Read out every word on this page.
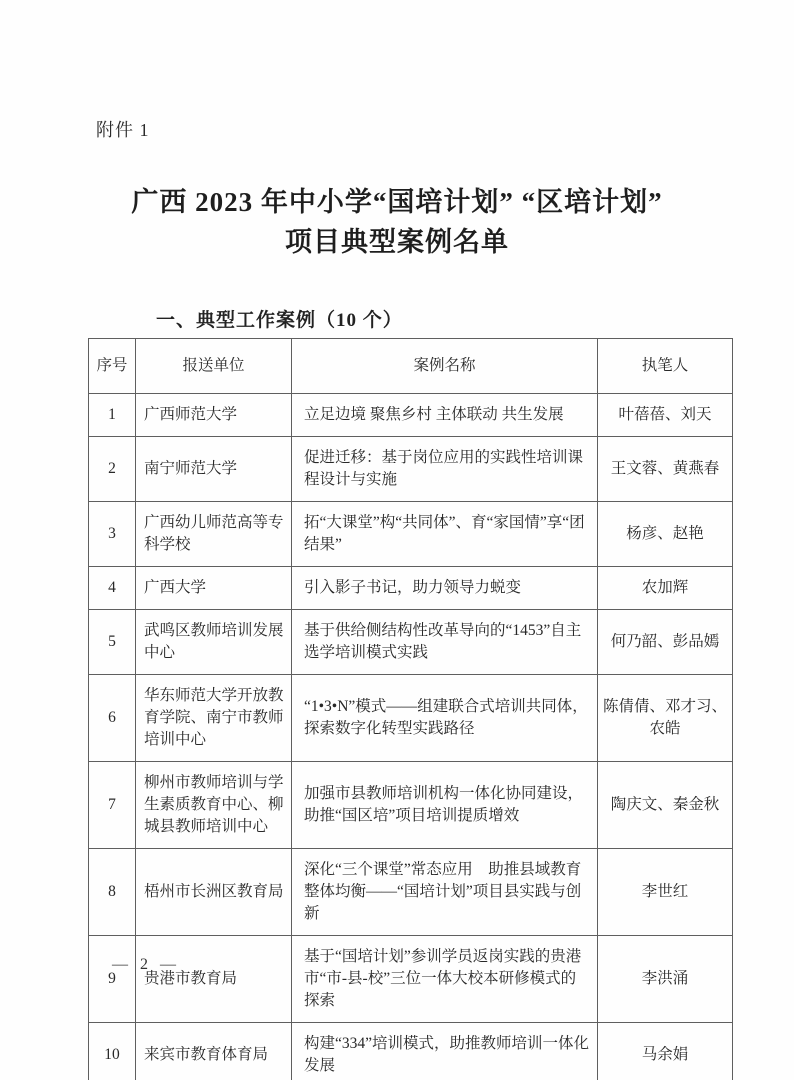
附件 1
广西 2023 年中小学“国培计划” “区培计划”
项目典型案例名单
一、典型工作案例（10 个）
序号	报送单位	案例名称	执笔人
1	广西师范大学	立足边境 聚焦乡村 主体联动 共生发展	叶蓓蓓、刘天
2	南宁师范大学	促进迁移：基于岗位应用的实践性培训课程设计与实施	王文蓉、黄燕春
3	广西幼儿师范高等专科学校	拓“大课堂”构“共同体”、育“家国情”享“团结果”	杨彦、赵艳
4	广西大学	引入影子书记，助力领导力蜕变	农加辉
5	武鸣区教师培训发展中心	基于供给侧结构性改革导向的“1453”自主选学培训模式实践	何乃韶、彭品嫣
6	华东师范大学开放教育学院、南宁市教师培训中心	“1•3•N”模式——组建联合式培训共同体，探索数字化转型实践路径	陈倩倩、邓才习、农皓
7	柳州市教师培训与学生素质教育中心、柳城县教师培训中心	加强市县教师培训机构一体化协同建设，助推“国区培”项目培训提质增效	陶庆文、秦金秋
8	梧州市长洲区教育局	深化“三个课堂”常态应用　助推县域教育整体均衡——“国培计划”项目县实践与创新	李世红
9	贵港市教育局	基于“国培计划”参训学员返岗实践的贵港市“市-县-校”三位一体大校本研修模式的探索	李洪涌
10	来宾市教育体育局	构建“334”培训模式，助推教师培训一体化发展	马余娟
— 2 —
